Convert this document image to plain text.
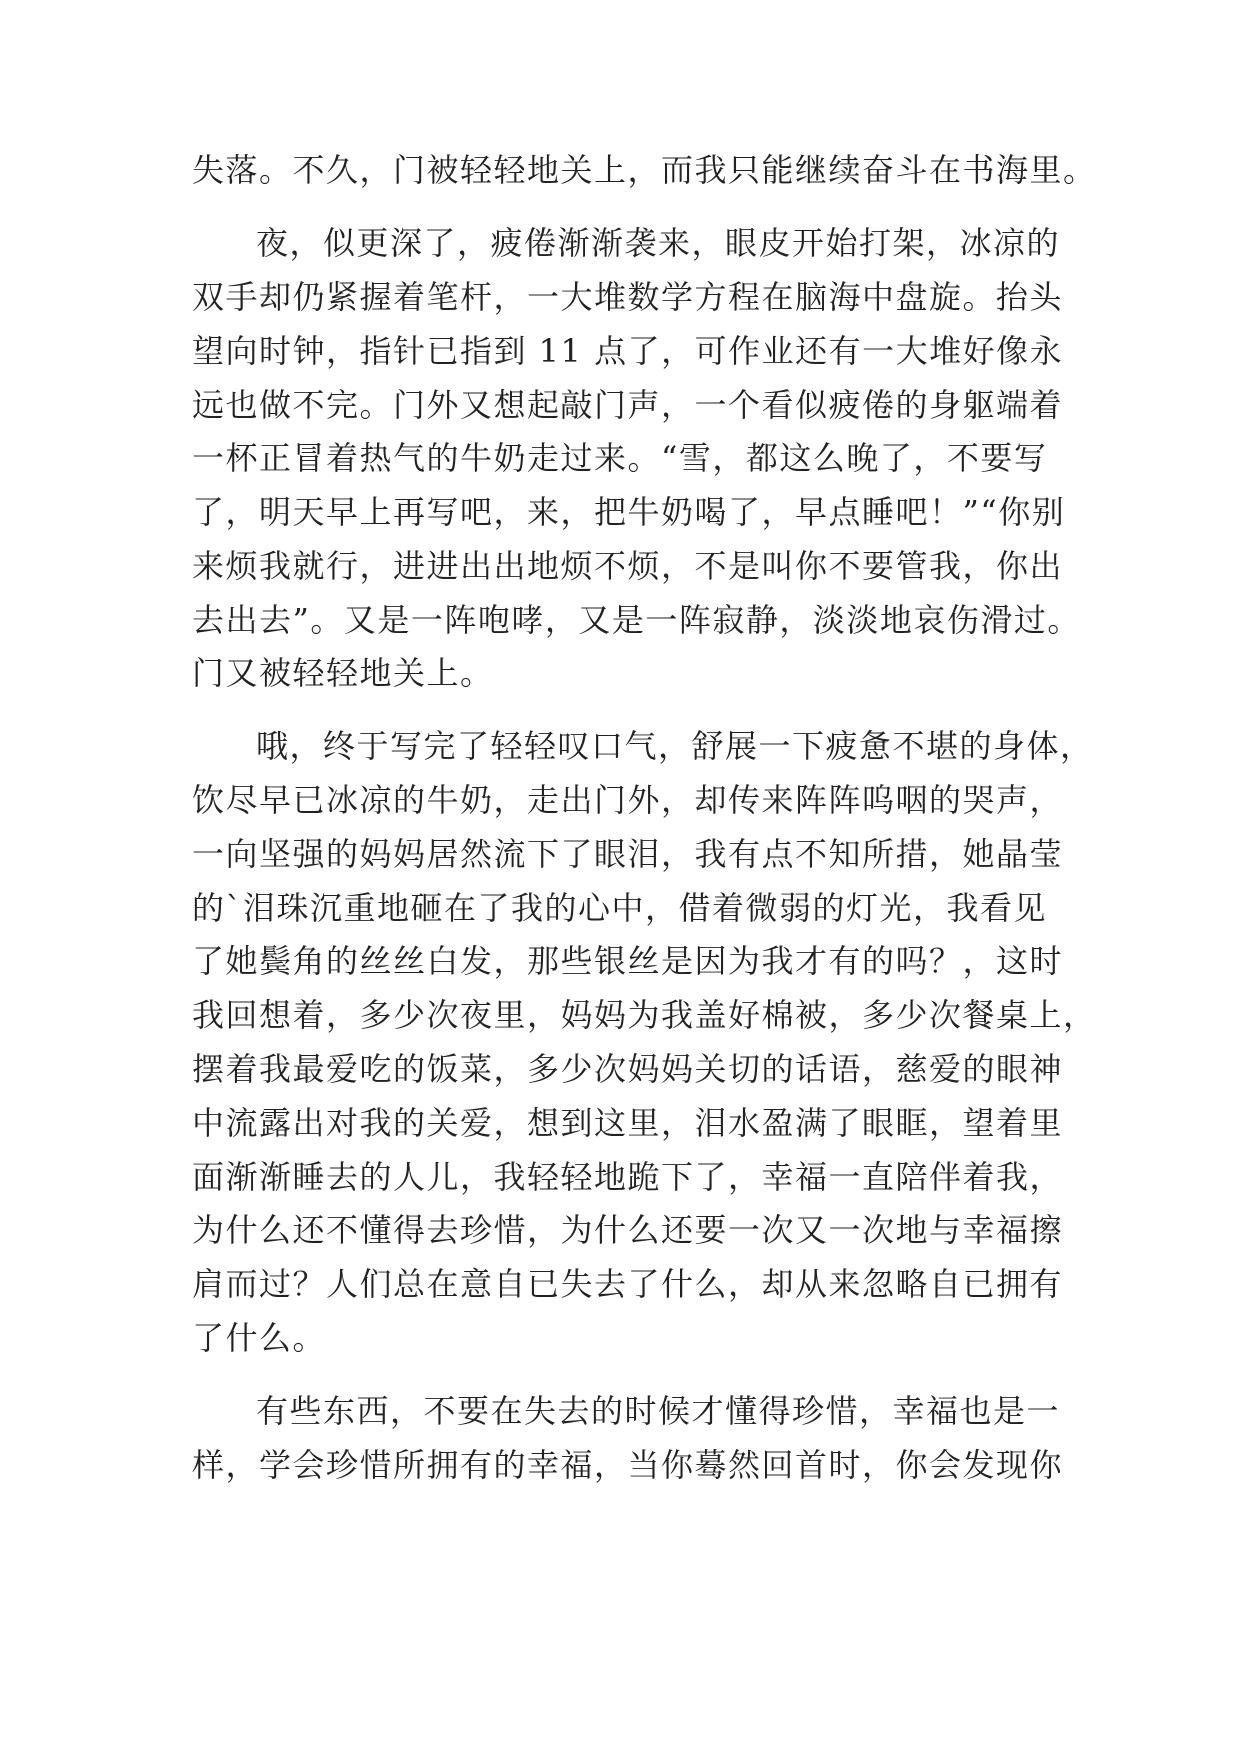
失落。不久，门被轻轻地关上，而我只能继续奋斗在书海里。
夜，似更深了，疲倦渐渐袭来，眼皮开始打架，冰凉的
双手却仍紧握着笔杆，一大堆数学方程在脑海中盘旋。抬头
望向时钟，指针已指到 11 点了，可作业还有一大堆好像永
远也做不完。门外又想起敲门声，一个看似疲倦的身躯端着
一杯正冒着热气的牛奶走过来。“雪，都这么晚了，不要写
了，明天早上再写吧，来，把牛奶喝了，早点睡吧！”“你别
来烦我就行，进进出出地烦不烦，不是叫你不要管我，你出
去出去”。又是一阵咆哮，又是一阵寂静，淡淡地哀伤滑过。
门又被轻轻地关上。
哦，终于写完了轻轻叹口气，舒展一下疲惫不堪的身体，
饮尽早已冰凉的牛奶，走出门外，却传来阵阵呜咽的哭声，
一向坚强的妈妈居然流下了眼泪，我有点不知所措，她晶莹
的`泪珠沉重地砸在了我的心中，借着微弱的灯光，我看见
了她鬓角的丝丝白发，那些银丝是因为我才有的吗？，这时
我回想着，多少次夜里，妈妈为我盖好棉被，多少次餐桌上，
摆着我最爱吃的饭菜，多少次妈妈关切的话语，慈爱的眼神
中流露出对我的关爱，想到这里，泪水盈满了眼眶，望着里
面渐渐睡去的人儿，我轻轻地跪下了，幸福一直陪伴着我，
为什么还不懂得去珍惜，为什么还要一次又一次地与幸福擦
肩而过？人们总在意自已失去了什么，却从来忽略自已拥有
了什么。
有些东西，不要在失去的时候才懂得珍惜，幸福也是一
样，学会珍惜所拥有的幸福，当你蓦然回首时，你会发现你
